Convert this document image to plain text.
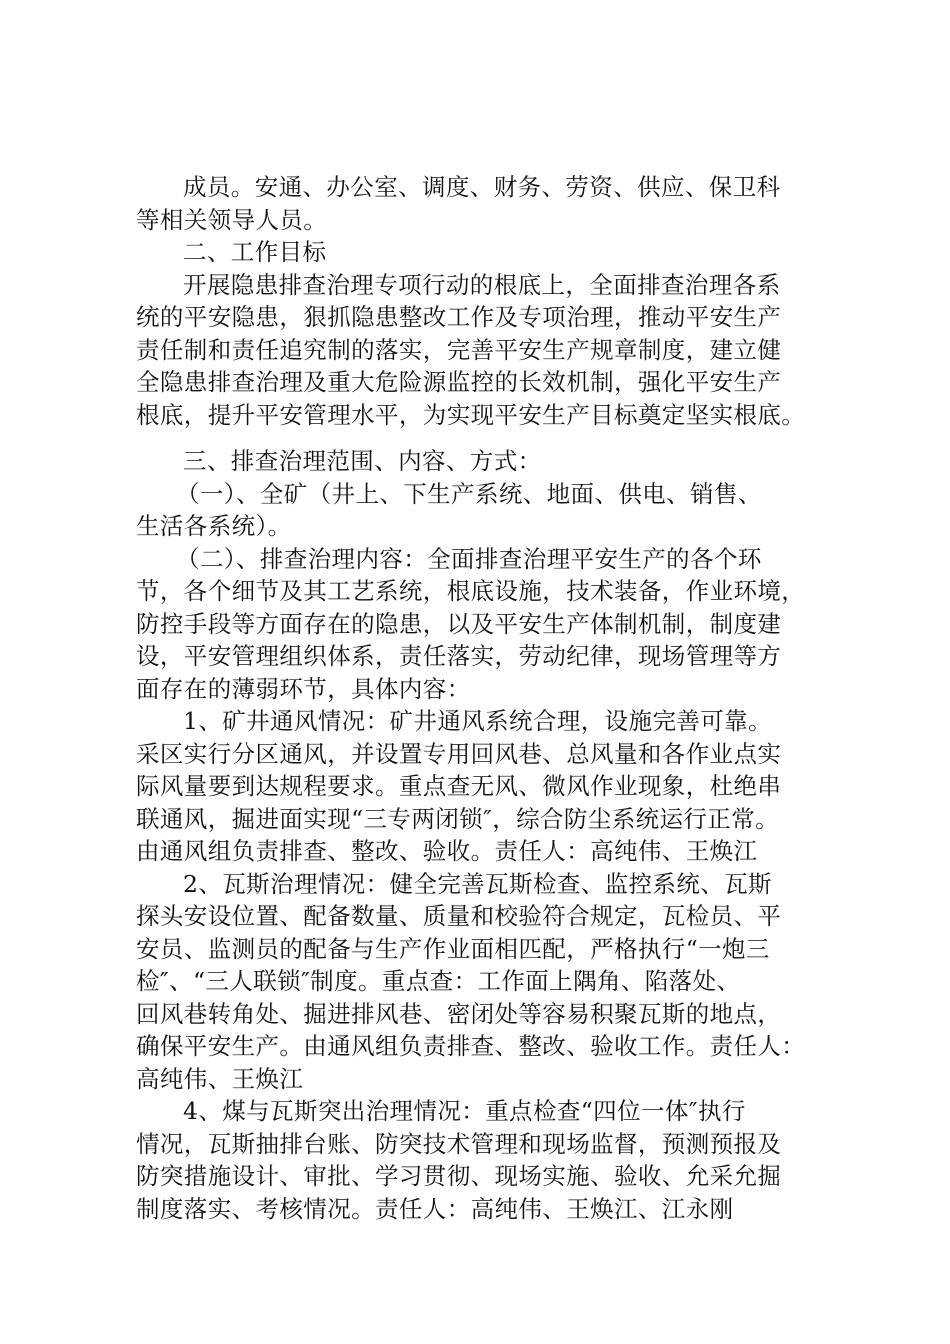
成员。安通、办公室、调度、财务、劳资、供应、保卫科
等相关领导人员。
二、工作目标
开展隐患排查治理专项行动的根底上，全面排查治理各系
统的平安隐患，狠抓隐患整改工作及专项治理，推动平安生产
责任制和责任追究制的落实，完善平安生产规章制度，建立健
全隐患排查治理及重大危险源监控的长效机制，强化平安生产
根底，提升平安管理水平，为实现平安生产目标奠定坚实根底。
三、排查治理范围、内容、方式：
（一）、全矿（井上、下生产系统、地面、供电、销售、
生活各系统）。
（二）、排查治理内容：全面排查治理平安生产的各个环
节，各个细节及其工艺系统，根底设施，技术装备，作业环境，
防控手段等方面存在的隐患，以及平安生产体制机制，制度建
设，平安管理组织体系，责任落实，劳动纪律，现场管理等方
面存在的薄弱环节，具体内容：
1、矿井通风情况：矿井通风系统合理，设施完善可靠。
采区实行分区通风，并设置专用回风巷、总风量和各作业点实
际风量要到达规程要求。重点查无风、微风作业现象，杜绝串
联通风，掘进面实现“三专两闭锁″，综合防尘系统运行正常。
由通风组负责排查、整改、验收。责任人：高纯伟、王焕江
2、瓦斯治理情况：健全完善瓦斯检查、监控系统、瓦斯
探头安设位置、配备数量、质量和校验符合规定，瓦检员、平
安员、监测员的配备与生产作业面相匹配，严格执行“一炮三
检″、“三人联锁″制度。重点查：工作面上隅角、陷落处、
回风巷转角处、掘进排风巷、密闭处等容易积聚瓦斯的地点，
确保平安生产。由通风组负责排查、整改、验收工作。责任人：
高纯伟、王焕江
4、煤与瓦斯突出治理情况：重点检查“四位一体″执行
情况，瓦斯抽排台账、防突技术管理和现场监督，预测预报及
防突措施设计、审批、学习贯彻、现场实施、验收、允采允掘
制度落实、考核情况。责任人：高纯伟、王焕江、江永刚
